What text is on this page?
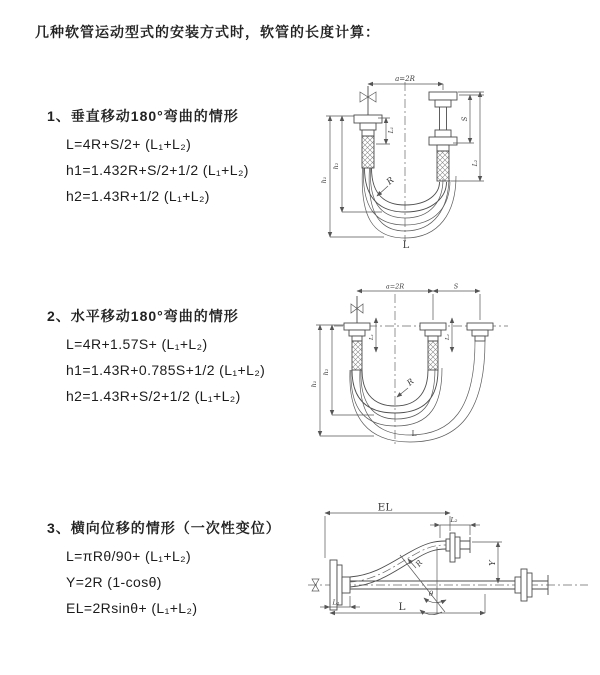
几种软管运动型式的安装方式时，软管的长度计算：
1、垂直移动180°弯曲的情形
L=4R+S/2+ (L₁+L₂)
h1=1.432R+S/2+1/2 (L₁+L₂)
h2=1.43R+1/2 (L₁+L₂)
a=2R
L₁
S
L₂
h₁
h₂
R
L
2、水平移动180°弯曲的情形
L=4R+1.57S+ (L₁+L₂)
h1=1.43R+0.785S+1/2 (L₁+L₂)
h2=1.43R+S/2+1/2 (L₁+L₂)
a=2R	S
L₁	L₂
h₁
h₂
R
L
3、横向位移的情形（一次性变位）
L=πRθ/90+ (L₁+L₂)
Y=2R (1-cosθ)
EL=2Rsinθ+ (L₁+L₂)
EL
L₂
Y
θ
R
L
L₁
